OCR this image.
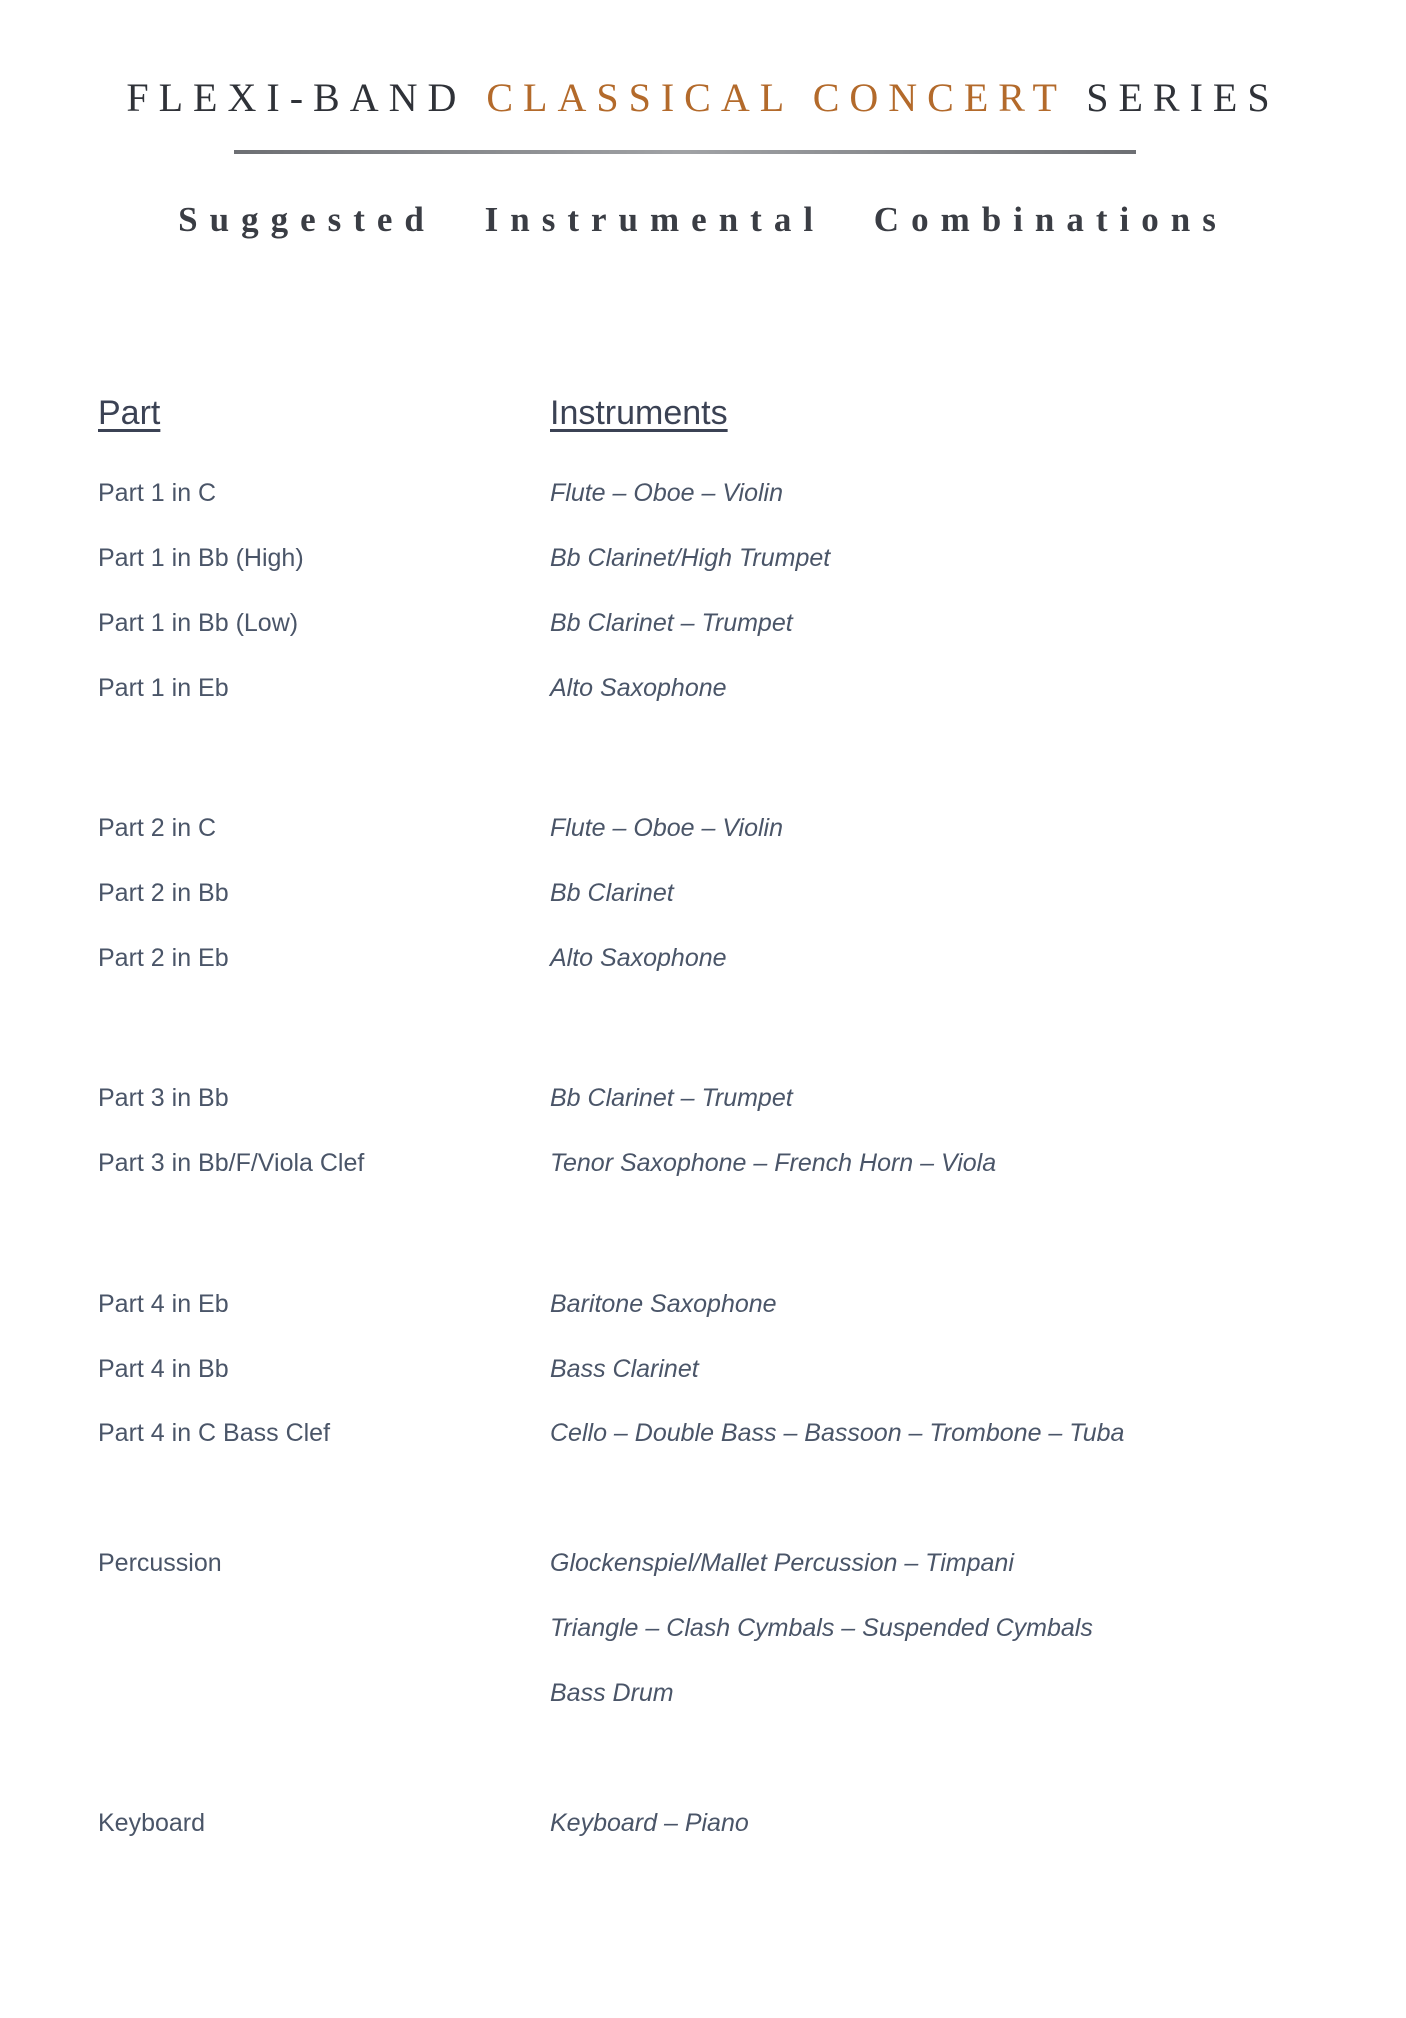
FLEXI-BAND CLASSICAL CONCERT SERIES
Suggested Instrumental Combinations
Part	Instruments
Part 1 in C	Flute – Oboe – Violin
Part 1 in Bb (High)	Bb Clarinet/High Trumpet
Part 1 in Bb (Low)	Bb Clarinet – Trumpet
Part 1 in Eb	Alto Saxophone
Part 2 in C	Flute – Oboe – Violin
Part 2 in Bb	Bb Clarinet
Part 2 in Eb	Alto Saxophone
Part 3 in Bb	Bb Clarinet – Trumpet
Part 3 in Bb/F/Viola Clef	Tenor Saxophone – French Horn – Viola
Part 4 in Eb	Baritone Saxophone
Part 4 in Bb	Bass Clarinet
Part 4 in C Bass Clef	Cello – Double Bass – Bassoon – Trombone – Tuba
Percussion	Glockenspiel/Mallet Percussion – Timpani
Triangle – Clash Cymbals – Suspended Cymbals
Bass Drum
Keyboard	Keyboard – Piano
